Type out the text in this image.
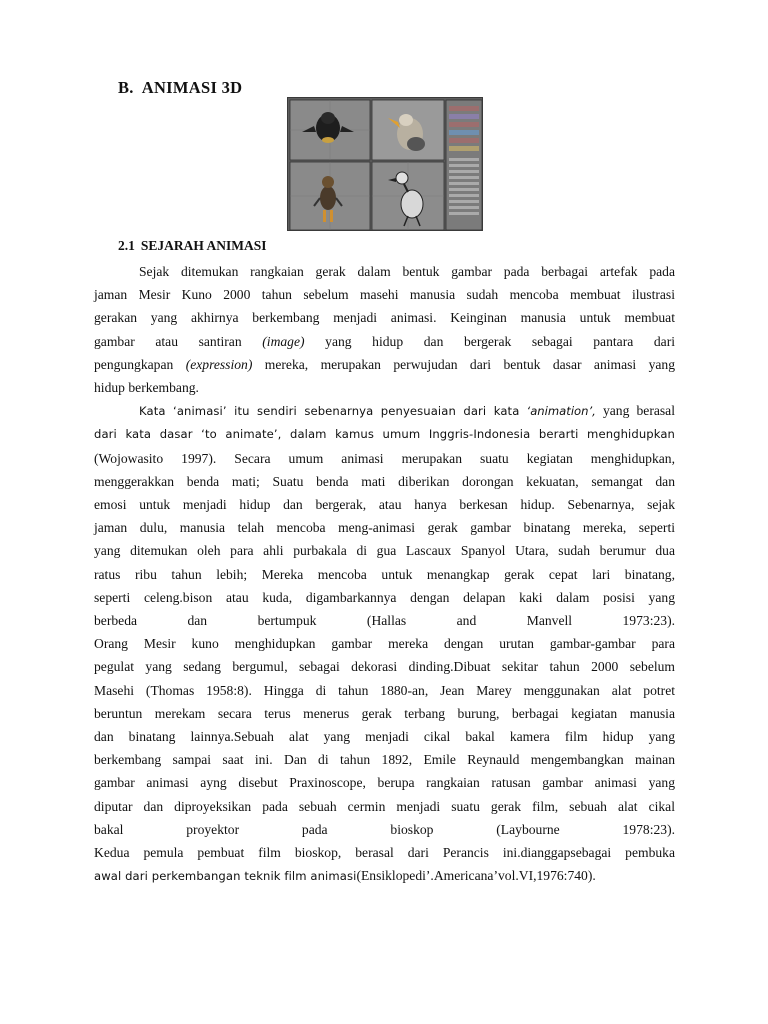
B. ANIMASI 3D
2.1 SEJARAH ANIMASI

Sejak ditemukan rangkaian gerak dalam bentuk gambar pada berbagai artefak pada
jaman Mesir Kuno 2000 tahun sebelum masehi manusia sudah mencoba membuat ilustrasi
gerakan yang akhirnya berkembang menjadi animasi. Keinginan manusia untuk membuat
gambar atau santiran (image) yang hidup dan bergerak sebagai pantara dari
pengungkapan (expression) mereka, merupakan perwujudan dari bentuk dasar animasi yang
hidup berkembang.

Kata ‘animasi’ itu sendiri sebenarnya penyesuaian dari kata ‘animation’, yang berasal
dari kata dasar ‘to animate’, dalam kamus umum Inggris-Indonesia berarti menghidupkan
(Wojowasito 1997). Secara umum animasi merupakan suatu kegiatan menghidupkan,
menggerakkan benda mati; Suatu benda mati diberikan dorongan kekuatan, semangat dan
emosi untuk menjadi hidup dan bergerak, atau hanya berkesan hidup. Sebenarnya, sejak
jaman dulu, manusia telah mencoba meng-animasi gerak gambar binatang mereka, seperti
yang ditemukan oleh para ahli purbakala di gua Lascaux Spanyol Utara, sudah berumur dua
ratus ribu tahun lebih; Mereka mencoba untuk menangkap gerak cepat lari binatang,
seperti celeng.bison atau kuda, digambarkannya dengan delapan kaki dalam posisi yang
berbeda dan bertumpuk (Hallas and Manvell 1973:23).
Orang Mesir kuno menghidupkan gambar mereka dengan urutan gambar-gambar para
pegulat yang sedang bergumul, sebagai dekorasi dinding.Dibuat sekitar tahun 2000 sebelum
Masehi (Thomas 1958:8). Hingga di tahun 1880-an, Jean Marey menggunakan alat potret
beruntun merekam secara terus menerus gerak terbang burung, berbagai kegiatan manusia
dan binatang lainnya.Sebuah alat yang menjadi cikal bakal kamera film hidup yang
berkembang sampai saat ini. Dan di tahun 1892, Emile Reynauld mengembangkan mainan
gambar animasi ayng disebut Praxinoscope, berupa rangkaian ratusan gambar animasi yang
diputar dan diproyeksikan pada sebuah cermin menjadi suatu gerak film, sebuah alat cikal
bakal proyektor pada bioskop (Laybourne 1978:23).
Kedua pemula pembuat film bioskop, berasal dari Perancis ini.dianggapsebagai pembuka
awal dari perkembangan teknik film animasi(Ensiklopedi’.Americana’vol.VI,1976:740).
